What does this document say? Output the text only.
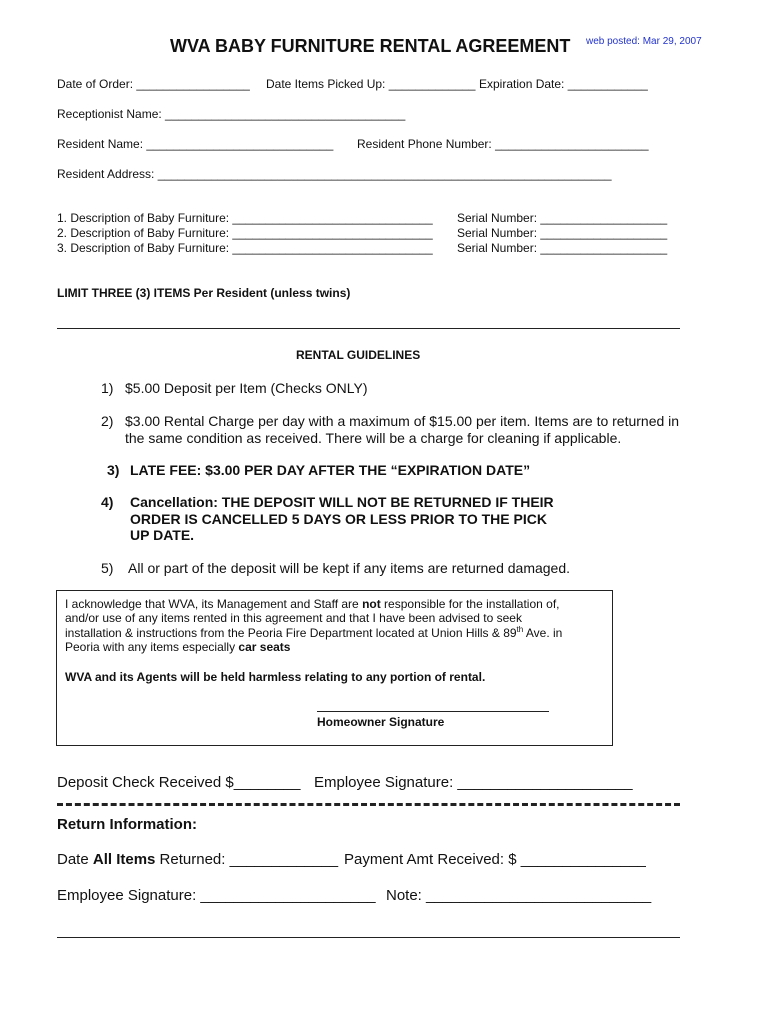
WVA BABY FURNITURE RENTAL AGREEMENT web posted: Mar 29, 2007
Date of Order: _________________ Date Items Picked Up: _____________ Expiration Date: ____________
Receptionist Name: ____________________________________
Resident Name: ____________________________ Resident Phone Number: _______________________
Resident Address: ____________________________________________________________________
1. Description of Baby Furniture: ______________________________ Serial Number: ___________________
2. Description of Baby Furniture: ______________________________ Serial Number: ___________________
3. Description of Baby Furniture: ______________________________ Serial Number: ___________________
LIMIT THREE (3) ITEMS Per Resident (unless twins)
RENTAL GUIDELINES
1) $5.00 Deposit per Item (Checks ONLY)
2) $3.00 Rental Charge per day with a maximum of $15.00 per item. Items are to returned in
the same condition as received. There will be a charge for cleaning if applicable.
3) LATE FEE: $3.00 PER DAY AFTER THE “EXPIRATION DATE”
4) Cancellation: THE DEPOSIT WILL NOT BE RETURNED IF THEIR
ORDER IS CANCELLED 5 DAYS OR LESS PRIOR TO THE PICK
UP DATE.
5) All or part of the deposit will be kept if any items are returned damaged.
I acknowledge that WVA, its Management and Staff are not responsible for the installation of,
and/or use of any items rented in this agreement and that I have been advised to seek
installation & instructions from the Peoria Fire Department located at Union Hills & 89th Ave. in
Peoria with any items especially car seats
WVA and its Agents will be held harmless relating to any portion of rental.
Homeowner Signature
Deposit Check Received $________ Employee Signature: _____________________
Return Information:
Date All Items Returned: _____________ Payment Amt Received: $ _______________
Employee Signature: _____________________ Note: ___________________________
